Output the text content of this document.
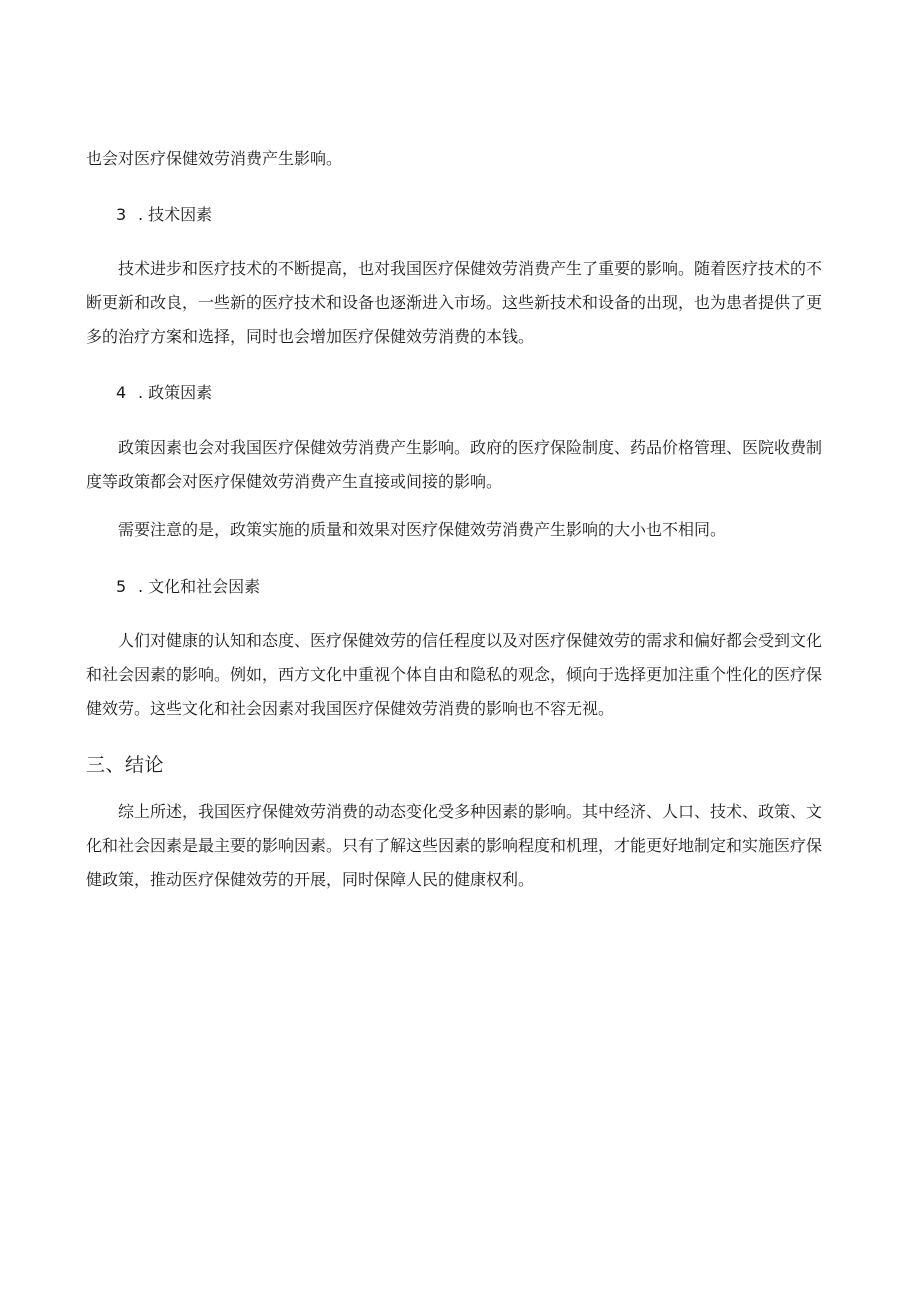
也会对医疗保健效劳消费产生影响。

3 . 技术因素

技术进步和医疗技术的不断提高，也对我国医疗保健效劳消费产生了重要的影响。随着医疗技术的不断更新和改良，一些新的医疗技术和设备也逐渐进入市场。这些新技术和设备的出现，也为患者提供了更多的治疗方案和选择，同时也会增加医疗保健效劳消费的本钱。

4 . 政策因素

政策因素也会对我国医疗保健效劳消费产生影响。政府的医疗保险制度、药品价格管理、医院收费制度等政策都会对医疗保健效劳消费产生直接或间接的影响。

需要注意的是，政策实施的质量和效果对医疗保健效劳消费产生影响的大小也不相同。

5 . 文化和社会因素

人们对健康的认知和态度、医疗保健效劳的信任程度以及对医疗保健效劳的需求和偏好都会受到文化和社会因素的影响。例如，西方文化中重视个体自由和隐私的观念，倾向于选择更加注重个性化的医疗保健效劳。这些文化和社会因素对我国医疗保健效劳消费的影响也不容无视。

三、结论

综上所述，我国医疗保健效劳消费的动态变化受多种因素的影响。其中经济、人口、技术、政策、文化和社会因素是最主要的影响因素。只有了解这些因素的影响程度和机理，才能更好地制定和实施医疗保健政策，推动医疗保健效劳的开展，同时保障人民的健康权利。
